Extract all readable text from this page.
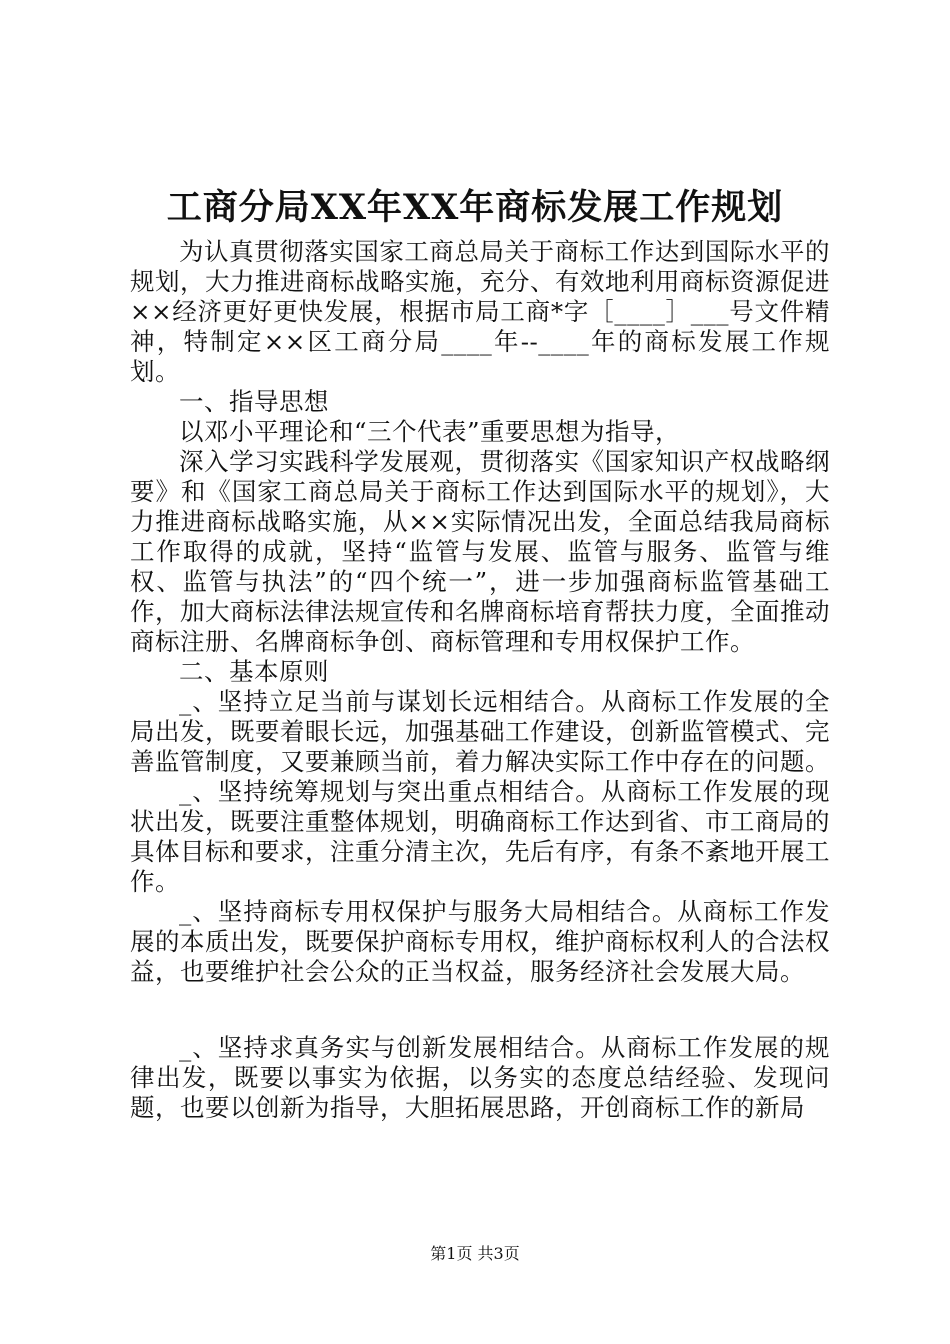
工商分局XX年XX年商标发展工作规划

为认真贯彻落实国家工商总局关于商标工作达到国际水平的规划，大力推进商标战略实施，充分、有效地利用商标资源促进××经济更好更快发展，根据市局工商*字［____］___号文件精神，特制定××区工商分局____年--____年的商标发展工作规划。

一、指导思想

以邓小平理论和“三个代表”重要思想为指导，

深入学习实践科学发展观，贯彻落实《国家知识产权战略纲要》和《国家工商总局关于商标工作达到国际水平的规划》，大力推进商标战略实施，从××实际情况出发，全面总结我局商标工作取得的成就，坚持“监管与发展、监管与服务、监管与维权、监管与执法”的“四个统一”，进一步加强商标监管基础工作，加大商标法律法规宣传和名牌商标培育帮扶力度，全面推动商标注册、名牌商标争创、商标管理和专用权保护工作。

二、基本原则

_、坚持立足当前与谋划长远相结合。从商标工作发展的全局出发，既要着眼长远，加强基础工作建设，创新监管模式、完善监管制度，又要兼顾当前，着力解决实际工作中存在的问题。

_、坚持统筹规划与突出重点相结合。从商标工作发展的现状出发，既要注重整体规划，明确商标工作达到省、市工商局的具体目标和要求，注重分清主次，先后有序，有条不紊地开展工作。

_、坚持商标专用权保护与服务大局相结合。从商标工作发展的本质出发，既要保护商标专用权，维护商标权利人的合法权益，也要维护社会公众的正当权益，服务经济社会发展大局。

_、坚持求真务实与创新发展相结合。从商标工作发展的规律出发，既要以事实为依据，以务实的态度总结经验、发现问题，也要以创新为指导，大胆拓展思路，开创商标工作的新局

第1页 共3页
